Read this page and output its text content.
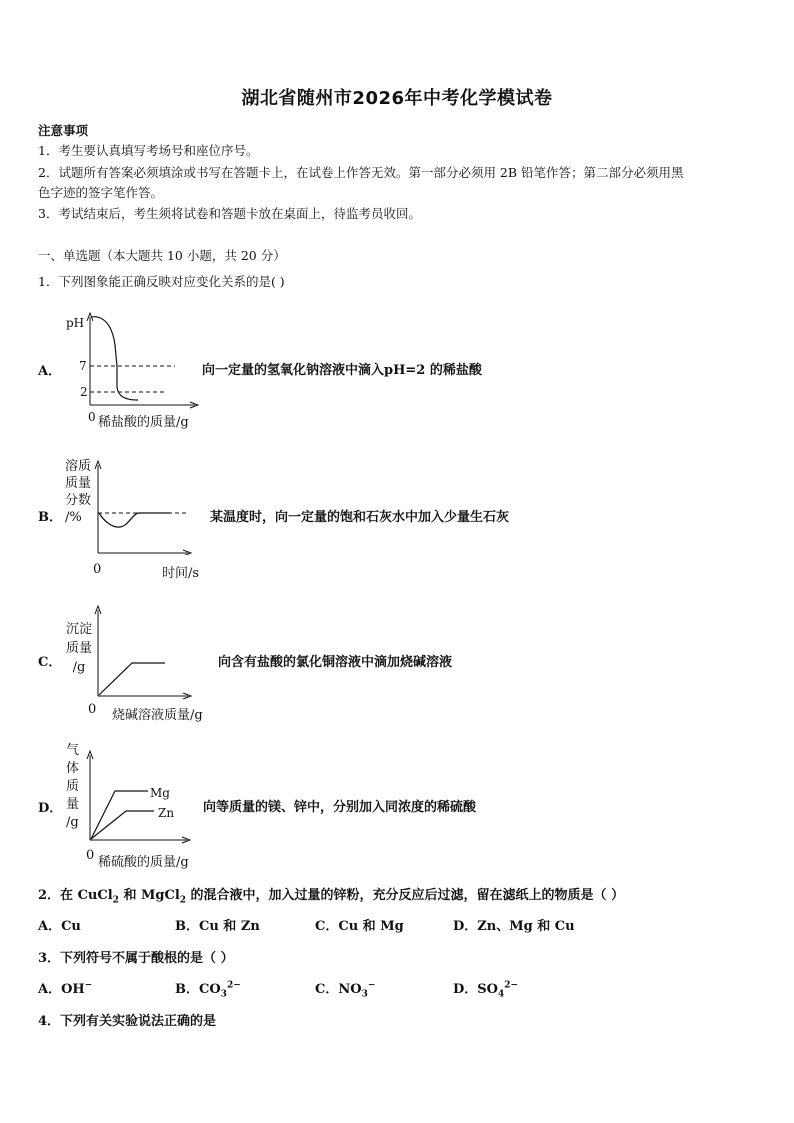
湖北省随州市2026年中考化学模试卷
注意事项
1．考生要认真填写考场号和座位序号。
2．试题所有答案必须填涂或书写在答题卡上，在试卷上作答无效。第一部分必须用 2B 铅笔作答；第二部分必须用黑
色字迹的签字笔作答。
3．考试结束后，考生须将试卷和答题卡放在桌面上，待监考员收回。
一、单选题（本大题共 10 小题，共 20 分）
1．下列图象能正确反映对应变化关系的是( )
A．
pH
7
2
0 稀盐酸的质量/g
向一定量的氢氧化钠溶液中滴入pH=2 的稀盐酸
B．
溶质
质量
分数
/%
0	时间/s
某温度时，向一定量的饱和石灰水中加入少量生石灰
C．
沉淀
质量
/g
0 烧碱溶液质量/g
向含有盐酸的氯化铜溶液中滴加烧碱溶液
D．
气
体
质
量
/g
Mg
Zn
0 稀硫酸的质量/g
向等质量的镁、锌中，分别加入同浓度的稀硫酸
2．在 CuCl$_2$ 和 MgCl$_2$ 的混合液中，加入过量的锌粉，充分反应后过滤，留在滤纸上的物质是（ ）
A．Cu	B．Cu 和 Zn	C．Cu 和 Mg	D．Zn、Mg 和 Cu
3．下列符号不属于酸根的是（ ）
A．OH−	B．$CO_3^{2-}$	C．$NO_3^-$	D．$SO_4^{2-}$
4．下列有关实验说法正确的是
